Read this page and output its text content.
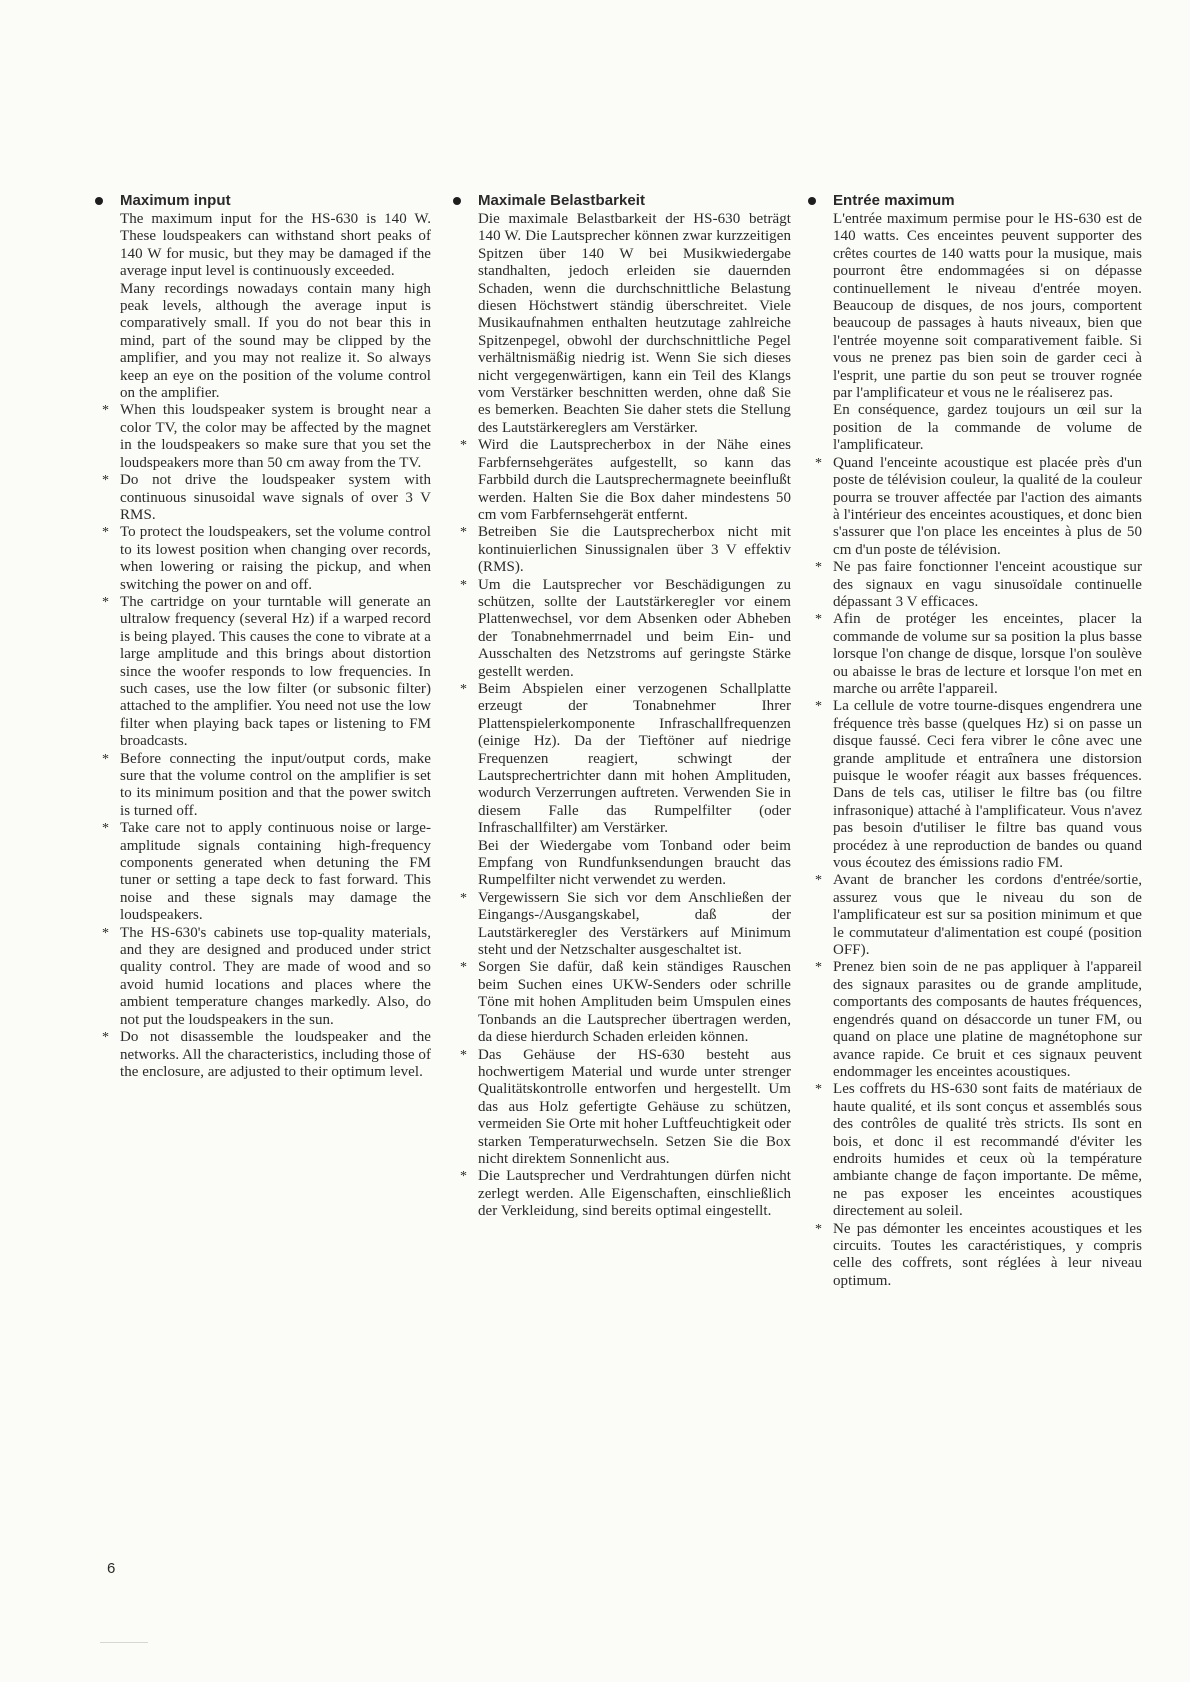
Maximum input

The maximum input for the HS-630 is 140 W. These loudspeakers can withstand short peaks of 140 W for music, but they may be damaged if the average input level is continuously exceeded.

Many recordings nowadays contain many high peak levels, although the average input is comparatively small. If you do not bear this in mind, part of the sound may be clipped by the amplifier, and you may not realize it. So always keep an eye on the position of the volume control on the amplifier.

* When this loudspeaker system is brought near a color TV, the color may be affected by the magnet in the loudspeakers so make sure that you set the loudspeakers more than 50 cm away from the TV.
* Do not drive the loudspeaker system with continuous sinusoidal wave signals of over 3 V RMS.
* To protect the loudspeakers, set the volume control to its lowest position when changing over records, when lowering or raising the pickup, and when switching the power on and off.
* The cartridge on your turntable will generate an ultralow frequency (several Hz) if a warped record is being played. This causes the cone to vibrate at a large amplitude and this brings about distortion since the woofer responds to low frequencies. In such cases, use the low filter (or subsonic filter) attached to the amplifier. You need not use the low filter when playing back tapes or listening to FM broadcasts.
* Before connecting the input/output cords, make sure that the volume control on the amplifier is set to its minimum position and that the power switch is turned off.
* Take care not to apply continuous noise or large-amplitude signals containing high-frequency components generated when detuning the FM tuner or setting a tape deck to fast forward. This noise and these signals may damage the loudspeakers.
* The HS-630's cabinets use top-quality materials, and they are designed and produced under strict quality control. They are made of wood and so avoid humid locations and places where the ambient temperature changes markedly. Also, do not put the loudspeakers in the sun.
* Do not disassemble the loudspeaker and the networks. All the characteristics, including those of the enclosure, are adjusted to their optimum level.
Maximale Belastbarkeit

Die maximale Belastbarkeit der HS-630 beträgt 140 W. Die Lautsprecher können zwar kurzzeitigen Spitzen über 140 W bei Musikwiedergabe standhalten, jedoch erleiden sie dauernden Schaden, wenn die durchschnittliche Belastung diesen Höchstwert ständig überschreitet. Viele Musikaufnahmen enthalten heutzutage zahlreiche Spitzenpegel, obwohl der durchschnittliche Pegel verhältnismäßig niedrig ist. Wenn Sie sich dieses nicht vergegenwärtigen, kann ein Teil des Klangs vom Verstärker beschnitten werden, ohne daß Sie es bemerken. Beachten Sie daher stets die Stellung des Lautstärkereglers am Verstärker.

* Wird die Lautsprecherbox in der Nähe eines Farbfernsehgerätes aufgestellt, so kann das Farbbild durch die Lautsprechermagnete beeinflußt werden. Halten Sie die Box daher mindestens 50 cm vom Farbfernsehgerät entfernt.
* Betreiben Sie die Lautsprecherbox nicht mit kontinuierlichen Sinussignalen über 3 V effektiv (RMS).
* Um die Lautsprecher vor Beschädigungen zu schützen, sollte der Lautstärkeregler vor einem Plattenwechsel, vor dem Absenken oder Abheben der Tonabnehmerrnadel und beim Ein- und Ausschalten des Netzstroms auf geringste Stärke gestellt werden.
* Beim Abspielen einer verzogenen Schallplatte erzeugt der Tonabnehmer Ihrer Plattenspielerkomponente Infraschallfrequenzen (einige Hz). Da der Tieftöner auf niedrige Frequenzen reagiert, schwingt der Lautsprechertrichter dann mit hohen Amplituden, wodurch Verzerrungen auftreten. Verwenden Sie in diesem Falle das Rumpelfilter (oder Infraschallfilter) am Verstärker.
Bei der Wiedergabe vom Tonband oder beim Empfang von Rundfunksendungen braucht das Rumpelfilter nicht verwendet zu werden.
* Vergewissern Sie sich vor dem Anschließen der Eingangs-/Ausgangskabel, daß der Lautstärkeregler des Verstärkers auf Minimum steht und der Netzschalter ausgeschaltet ist.
* Sorgen Sie dafür, daß kein ständiges Rauschen beim Suchen eines UKW-Senders oder schrille Töne mit hohen Amplituden beim Umspulen eines Tonbands an die Lautsprecher übertragen werden, da diese hierdurch Schaden erleiden können.
* Das Gehäuse der HS-630 besteht aus hochwertigem Material und wurde unter strenger Qualitätskontrolle entworfen und hergestellt. Um das aus Holz gefertigte Gehäuse zu schützen, vermeiden Sie Orte mit hoher Luftfeuchtigkeit oder starken Temperaturwechseln. Setzen Sie die Box nicht direktem Sonnenlicht aus.
* Die Lautsprecher und Verdrahtungen dürfen nicht zerlegt werden. Alle Eigenschaften, einschließlich der Verkleidung, sind bereits optimal eingestellt.
Entrée maximum

L'entrée maximum permise pour le HS-630 est de 140 watts. Ces enceintes peuvent supporter des crêtes courtes de 140 watts pour la musique, mais pourront être endommagées si on dépasse continuellement le niveau d'entrée moyen. Beaucoup de disques, de nos jours, comportent beaucoup de passages à hauts niveaux, bien que l'entrée moyenne soit comparativement faible. Si vous ne prenez pas bien soin de garder ceci à l'esprit, une partie du son peut se trouver rognée par l'amplificateur et vous ne le réaliserez pas.

En conséquence, gardez toujours un œil sur la position de la commande de volume de l'amplificateur.

* Quand l'enceinte acoustique est placée près d'un poste de télévision couleur, la qualité de la couleur pourra se trouver affectée par l'action des aimants à l'intérieur des enceintes acoustiques, et donc bien s'assurer que l'on place les enceintes à plus de 50 cm d'un poste de télévision.
* Ne pas faire fonctionner l'enceint acoustique sur des signaux en vagu sinusoïdale continuelle dépassant 3 V efficaces.
* Afin de protéger les enceintes, placer la commande de volume sur sa position la plus basse lorsque l'on change de disque, lorsque l'on soulève ou abaisse le bras de lecture et lorsque l'on met en marche ou arrête l'appareil.
* La cellule de votre tourne-disques engendrera une fréquence très basse (quelques Hz) si on passe un disque faussé. Ceci fera vibrer le cône avec une grande amplitude et entraînera une distorsion puisque le woofer réagit aux basses fréquences. Dans de tels cas, utiliser le filtre bas (ou filtre infrasonique) attaché à l'amplificateur. Vous n'avez pas besoin d'utiliser le filtre bas quand vous procédez à une reproduction de bandes ou quand vous écoutez des émissions radio FM.
* Avant de brancher les cordons d'entrée/sortie, assurez vous que le niveau du son de l'amplificateur est sur sa position minimum et que le commutateur d'alimentation est coupé (position OFF).
* Prenez bien soin de ne pas appliquer à l'appareil des signaux parasites ou de grande amplitude, comportants des composants de hautes fréquences, engendrés quand on désaccorde un tuner FM, ou quand on place une platine de magnétophone sur avance rapide. Ce bruit et ces signaux peuvent endommager les enceintes acoustiques.
* Les coffrets du HS-630 sont faits de matériaux de haute qualité, et ils sont conçus et assemblés sous des contrôles de qualité très stricts. Ils sont en bois, et donc il est recommandé d'éviter les endroits humides et ceux où la température ambiante change de façon importante. De même, ne pas exposer les enceintes acoustiques directement au soleil.
* Ne pas démonter les enceintes acoustiques et les circuits. Toutes les caractéristiques, y compris celle des coffrets, sont réglées à leur niveau optimum.
6
